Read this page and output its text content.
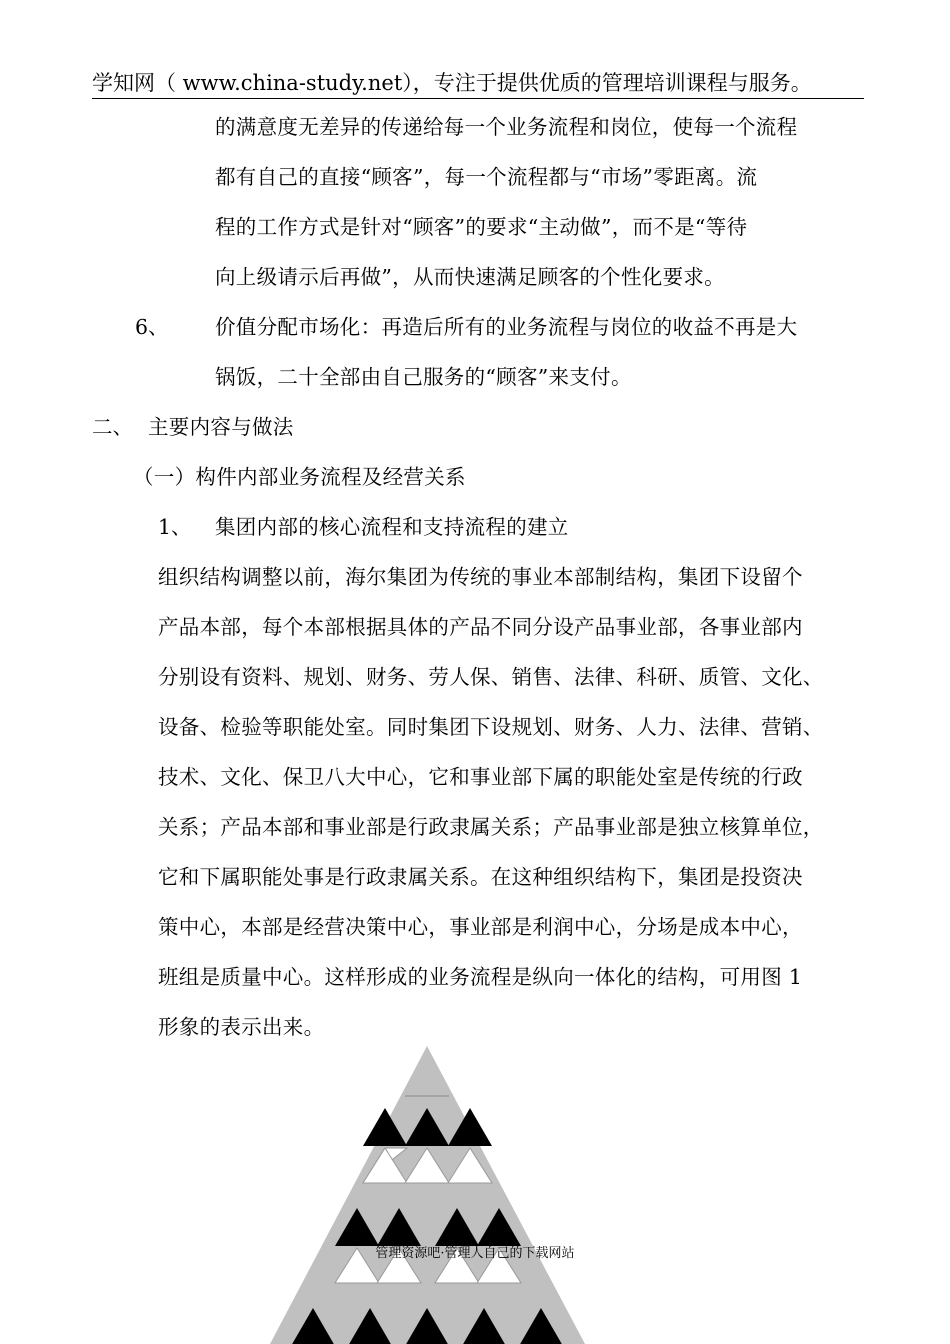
学知网（ www.china-study.net），专注于提供优质的管理培训课程与服务。
的满意度无差异的传递给每一个业务流程和岗位，使每一个流程
都有自己的直接“顾客”，每一个流程都与“市场”零距离。流
程的工作方式是针对“顾客”的要求“主动做”，而不是“等待
向上级请示后再做”，从而快速满足顾客的个性化要求。
6、 价值分配市场化：再造后所有的业务流程与岗位的收益不再是大
锅饭，二十全部由自己服务的“顾客”来支付。
二、 主要内容与做法
（一）构件内部业务流程及经营关系
1、 集团内部的核心流程和支持流程的建立
组织结构调整以前，海尔集团为传统的事业本部制结构，集团下设留个
产品本部，每个本部根据具体的产品不同分设产品事业部，各事业部内
分别设有资料、规划、财务、劳人保、销售、法律、科研、质管、文化、
设备、检验等职能处室。同时集团下设规划、财务、人力、法律、营销、
技术、文化、保卫八大中心，它和事业部下属的职能处室是传统的行政
关系；产品本部和事业部是行政隶属关系；产品事业部是独立核算单位，
它和下属职能处事是行政隶属关系。在这种组织结构下，集团是投资决
策中心，本部是经营决策中心，事业部是利润中心，分场是成本中心，
班组是质量中心。这样形成的业务流程是纵向一体化的结构，可用图 1
形象的表示出来。
管理资源吧·管理人自己的下载网站
